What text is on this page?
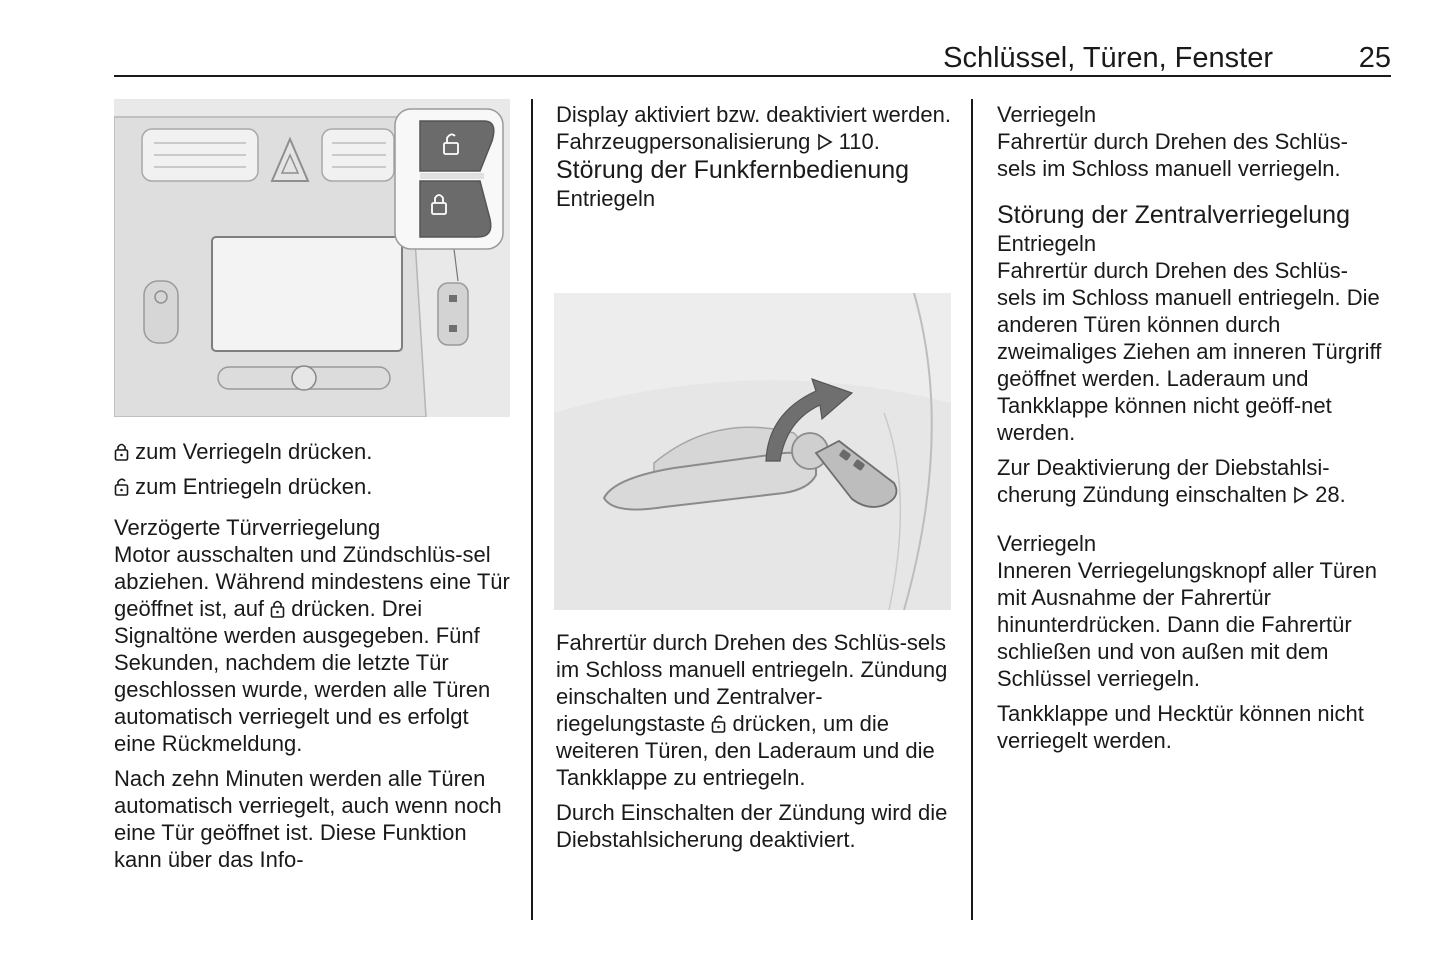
Schlüssel, Türen, Fenster	25

zum Verriegeln drücken.

zum Entriegeln drücken.

Verzögerte Türverriegelung

Motor ausschalten und Zündschlüs-sel abziehen. Während mindestens eine Tür geöffnet ist, auf drücken. Drei Signaltöne werden ausgegeben. Fünf Sekunden, nachdem die letzte Tür geschlossen wurde, werden alle Türen automatisch verriegelt und es erfolgt eine Rückmeldung.

Nach zehn Minuten werden alle Türen automatisch verriegelt, auch wenn noch eine Tür geöffnet ist. Diese Funktion kann über das Info-

Display aktiviert bzw. deaktiviert werden. Fahrzeugpersonalisierung 110.

Störung der Funkfernbedienung

Entriegeln

Fahrertür durch Drehen des Schlüs-sels im Schloss manuell entriegeln. Zündung einschalten und Zentralver-riegelungstaste drücken, um die weiteren Türen, den Laderaum und die Tankklappe zu entriegeln.

Durch Einschalten der Zündung wird die Diebstahlsicherung deaktiviert.

Verriegeln

Fahrertür durch Drehen des Schlüs-sels im Schloss manuell verriegeln.

Störung der Zentralverriegelung

Entriegeln

Fahrertür durch Drehen des Schlüs-sels im Schloss manuell entriegeln. Die anderen Türen können durch zweimaliges Ziehen am inneren Türgriff geöffnet werden. Laderaum und Tankklappe können nicht geöff-net werden.

Zur Deaktivierung der Diebstahlsi-cherung Zündung einschalten 28.

Verriegeln

Inneren Verriegelungsknopf aller Türen mit Ausnahme der Fahrertür hinunterdrücken. Dann die Fahrertür schließen und von außen mit dem Schlüssel verriegeln.

Tankklappe und Hecktür können nicht verriegelt werden.
